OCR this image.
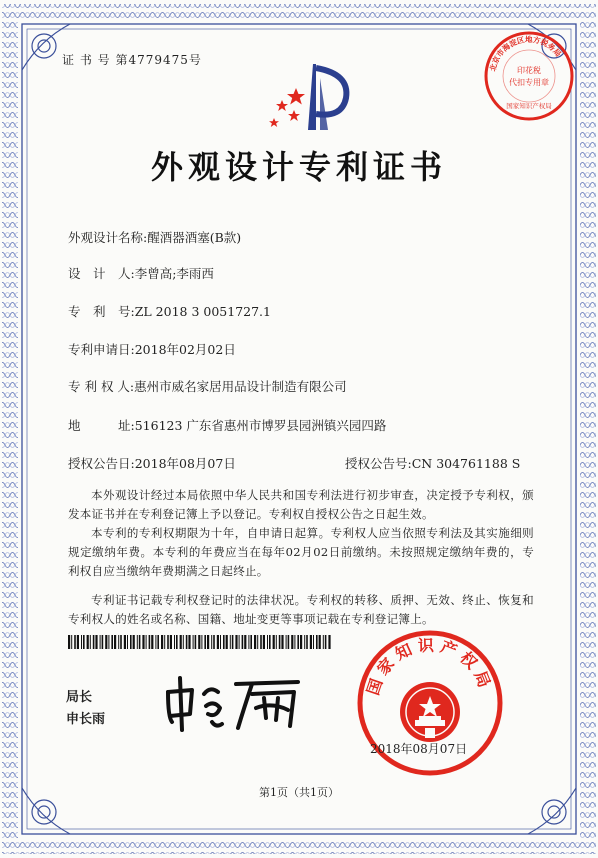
证 书 号 第4779475号
北京市海淀区地方税务局
印花税
代扣专用章
国家知识产权局
外观设计专利证书
外观设计名称:醒酒器酒塞(B款)
设　计　人:李曾高;李雨西
专　利　号:ZL 2018 3 0051727.1
专利申请日:2018年02月02日
专 利 权 人:惠州市威名家居用品设计制造有限公司
地　　　址:516123 广东省惠州市博罗县园洲镇兴园四路
授权公告日:2018年08月07日	授权公告号:CN 304761188 S

本外观设计经过本局依照中华人民共和国专利法进行初步审查，决定授予专利权，颁发本证书并在专利登记簿上予以登记。专利权自授权公告之日起生效。

本专利的专利权期限为十年，自申请日起算。专利权人应当依照专利法及其实施细则规定缴纳年费。本专利的年费应当在每年02月02日前缴纳。未按照规定缴纳年费的，专利权自应当缴纳年费期满之日起终止。

专利证书记载专利权登记时的法律状况。专利权的转移、质押、无效、终止、恢复和专利权人的姓名或名称、国籍、地址变更等事项记载在专利登记簿上。

局长
申长雨
国家知识产权局
2018年08月07日
第1页（共1页）
